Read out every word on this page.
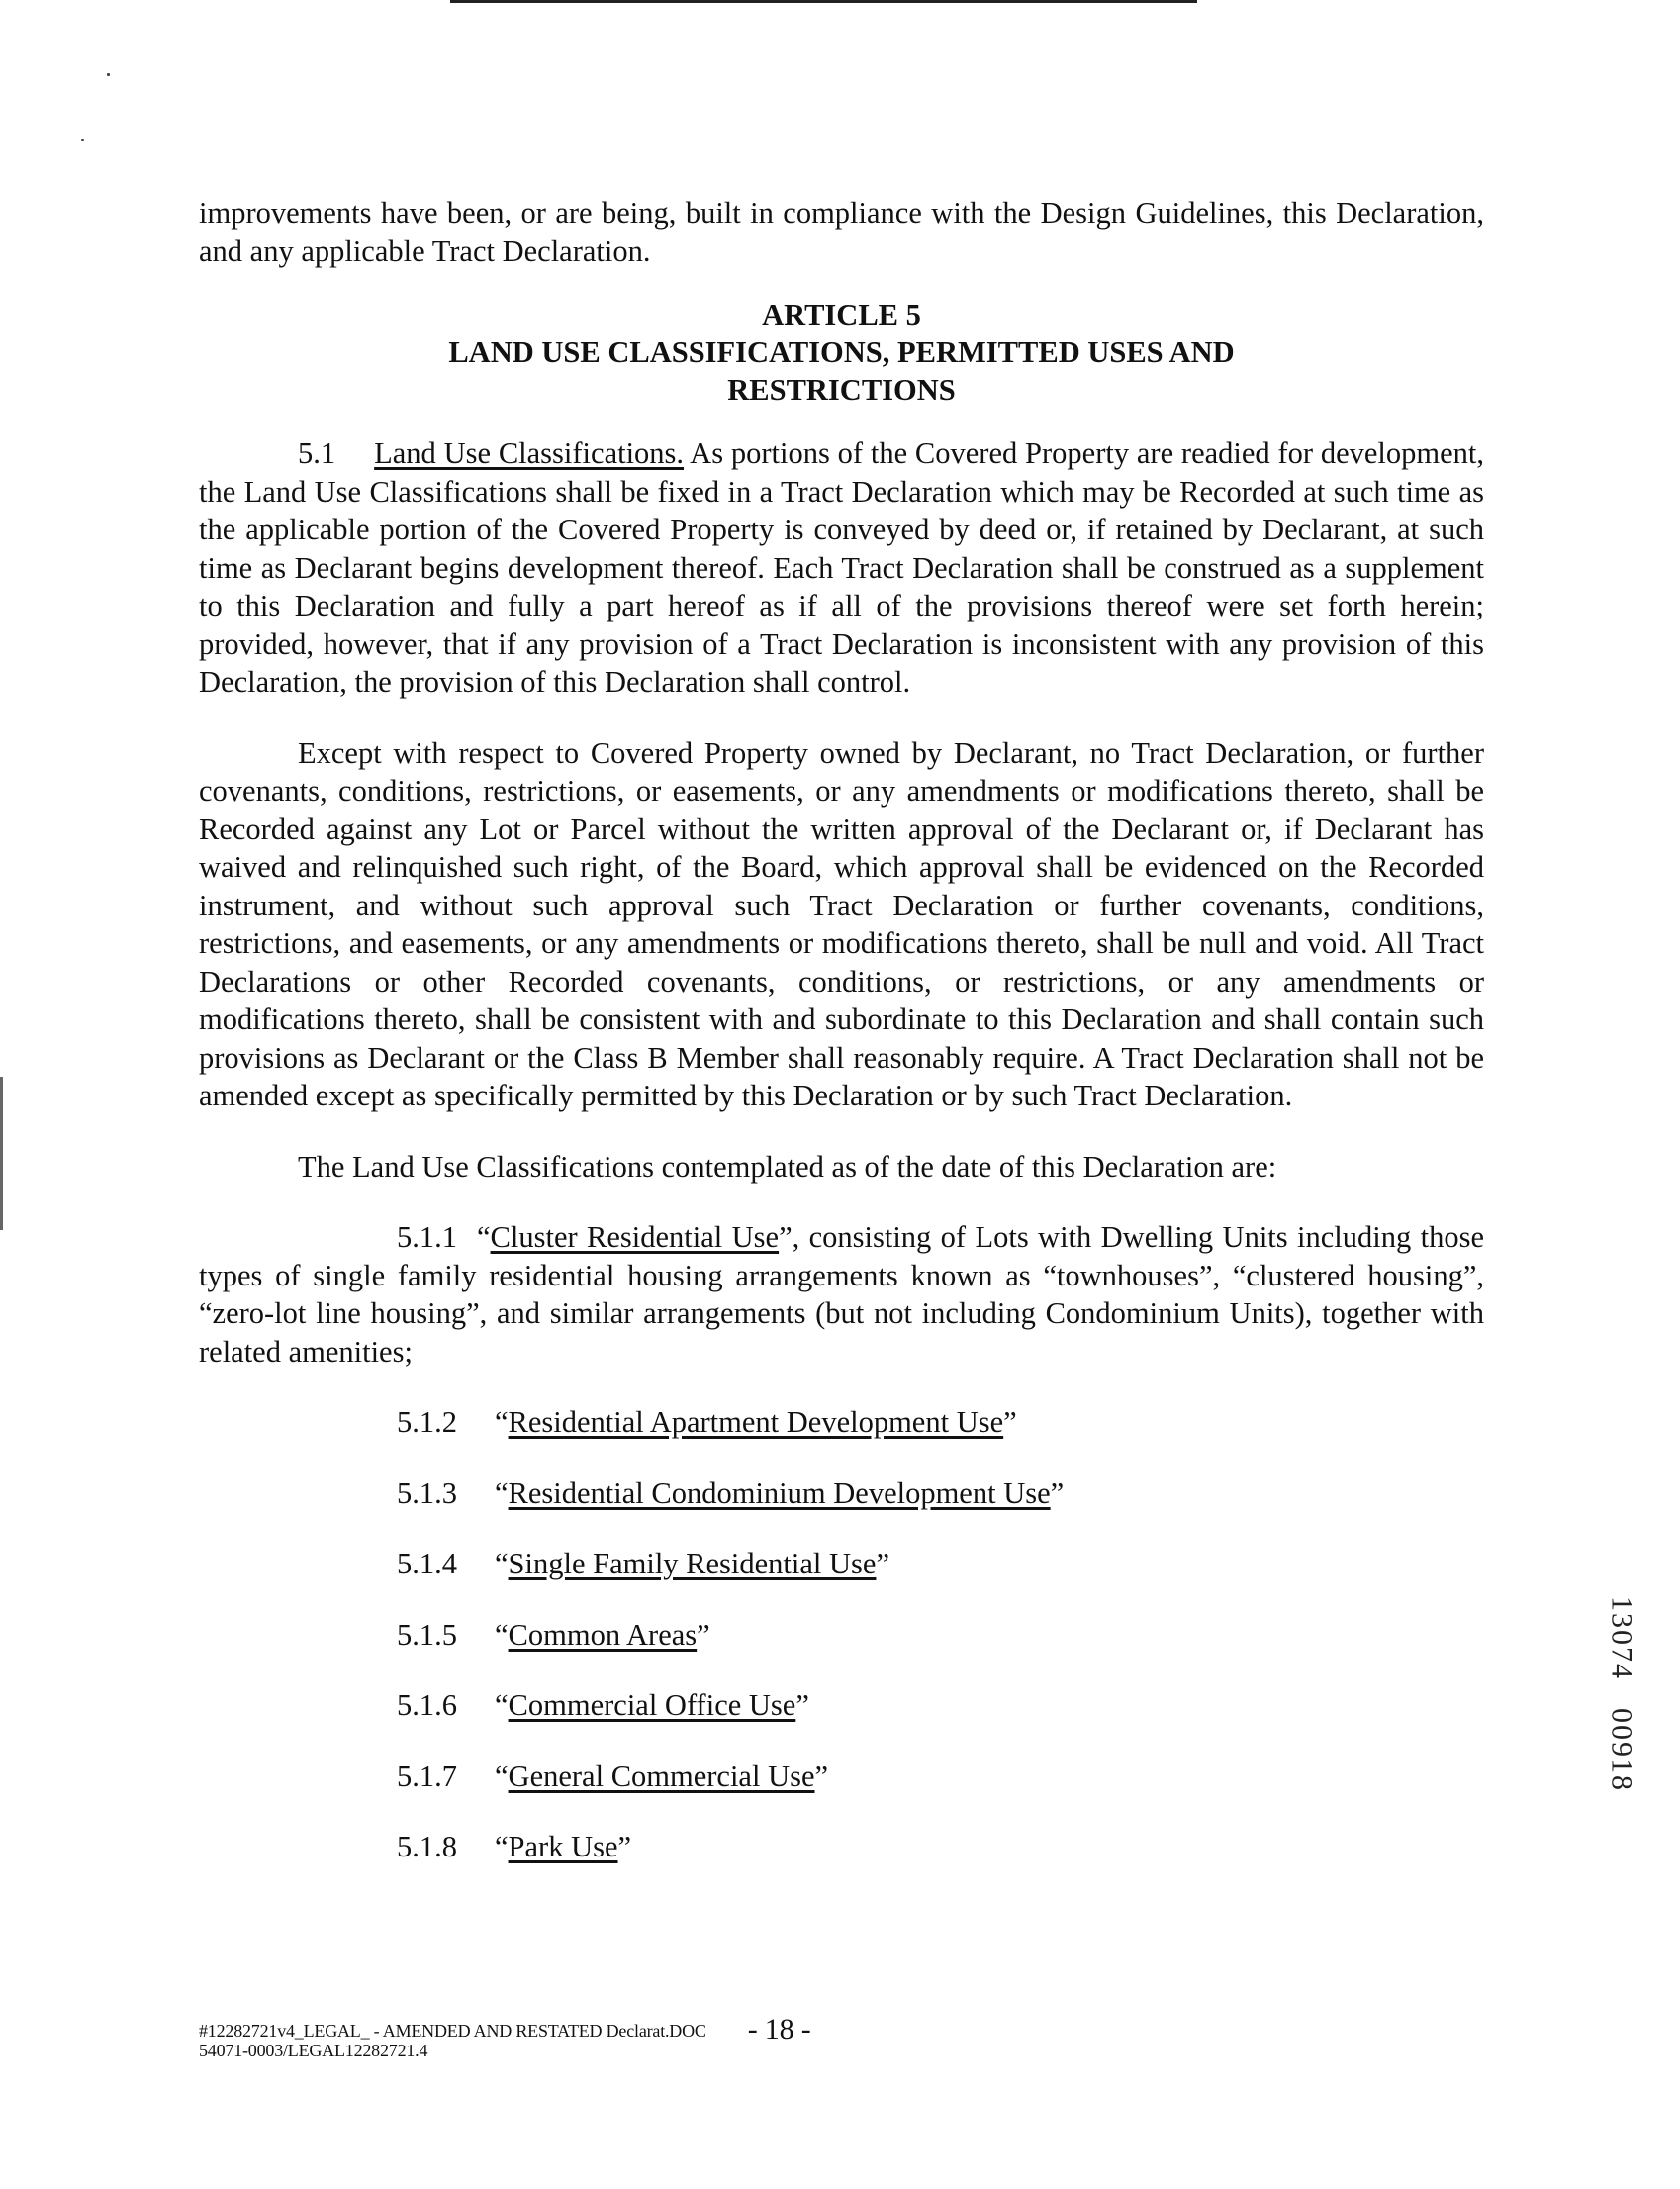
improvements have been, or are being, built in compliance with the Design Guidelines, this Declaration, and any applicable Tract Declaration.

ARTICLE 5
LAND USE CLASSIFICATIONS, PERMITTED USES AND
RESTRICTIONS

5.1 Land Use Classifications. As portions of the Covered Property are readied for development, the Land Use Classifications shall be fixed in a Tract Declaration which may be Recorded at such time as the applicable portion of the Covered Property is conveyed by deed or, if retained by Declarant, at such time as Declarant begins development thereof. Each Tract Declaration shall be construed as a supplement to this Declaration and fully a part hereof as if all of the provisions thereof were set forth herein; provided, however, that if any provision of a Tract Declaration is inconsistent with any provision of this Declaration, the provision of this Declaration shall control.

Except with respect to Covered Property owned by Declarant, no Tract Declaration, or further covenants, conditions, restrictions, or easements, or any amendments or modifications thereto, shall be Recorded against any Lot or Parcel without the written approval of the Declarant or, if Declarant has waived and relinquished such right, of the Board, which approval shall be evidenced on the Recorded instrument, and without such approval such Tract Declaration or further covenants, conditions, restrictions, and easements, or any amendments or modifications thereto, shall be null and void. All Tract Declarations or other Recorded covenants, conditions, or restrictions, or any amendments or modifications thereto, shall be consistent with and subordinate to this Declaration and shall contain such provisions as Declarant or the Class B Member shall reasonably require. A Tract Declaration shall not be amended except as specifically permitted by this Declaration or by such Tract Declaration.

The Land Use Classifications contemplated as of the date of this Declaration are:

5.1.1 “Cluster Residential Use”, consisting of Lots with Dwelling Units including those types of single family residential housing arrangements known as “townhouses”, “clustered housing”, “zero-lot line housing”, and similar arrangements (but not including Condominium Units), together with related amenities;

5.1.2	“Residential Apartment Development Use”
5.1.3	“Residential Condominium Development Use”
5.1.4	“Single Family Residential Use”
5.1.5	“Common Areas”
5.1.6	“Commercial Office Use”
5.1.7	“General Commercial Use”
5.1.8	“Park Use”
1
3
0
7
4
0
0
9
1
8
#12282721v4_LEGAL_ - AMENDED AND RESTATED Declarat.DOC - 18 -
54071-0003/LEGAL12282721.4
